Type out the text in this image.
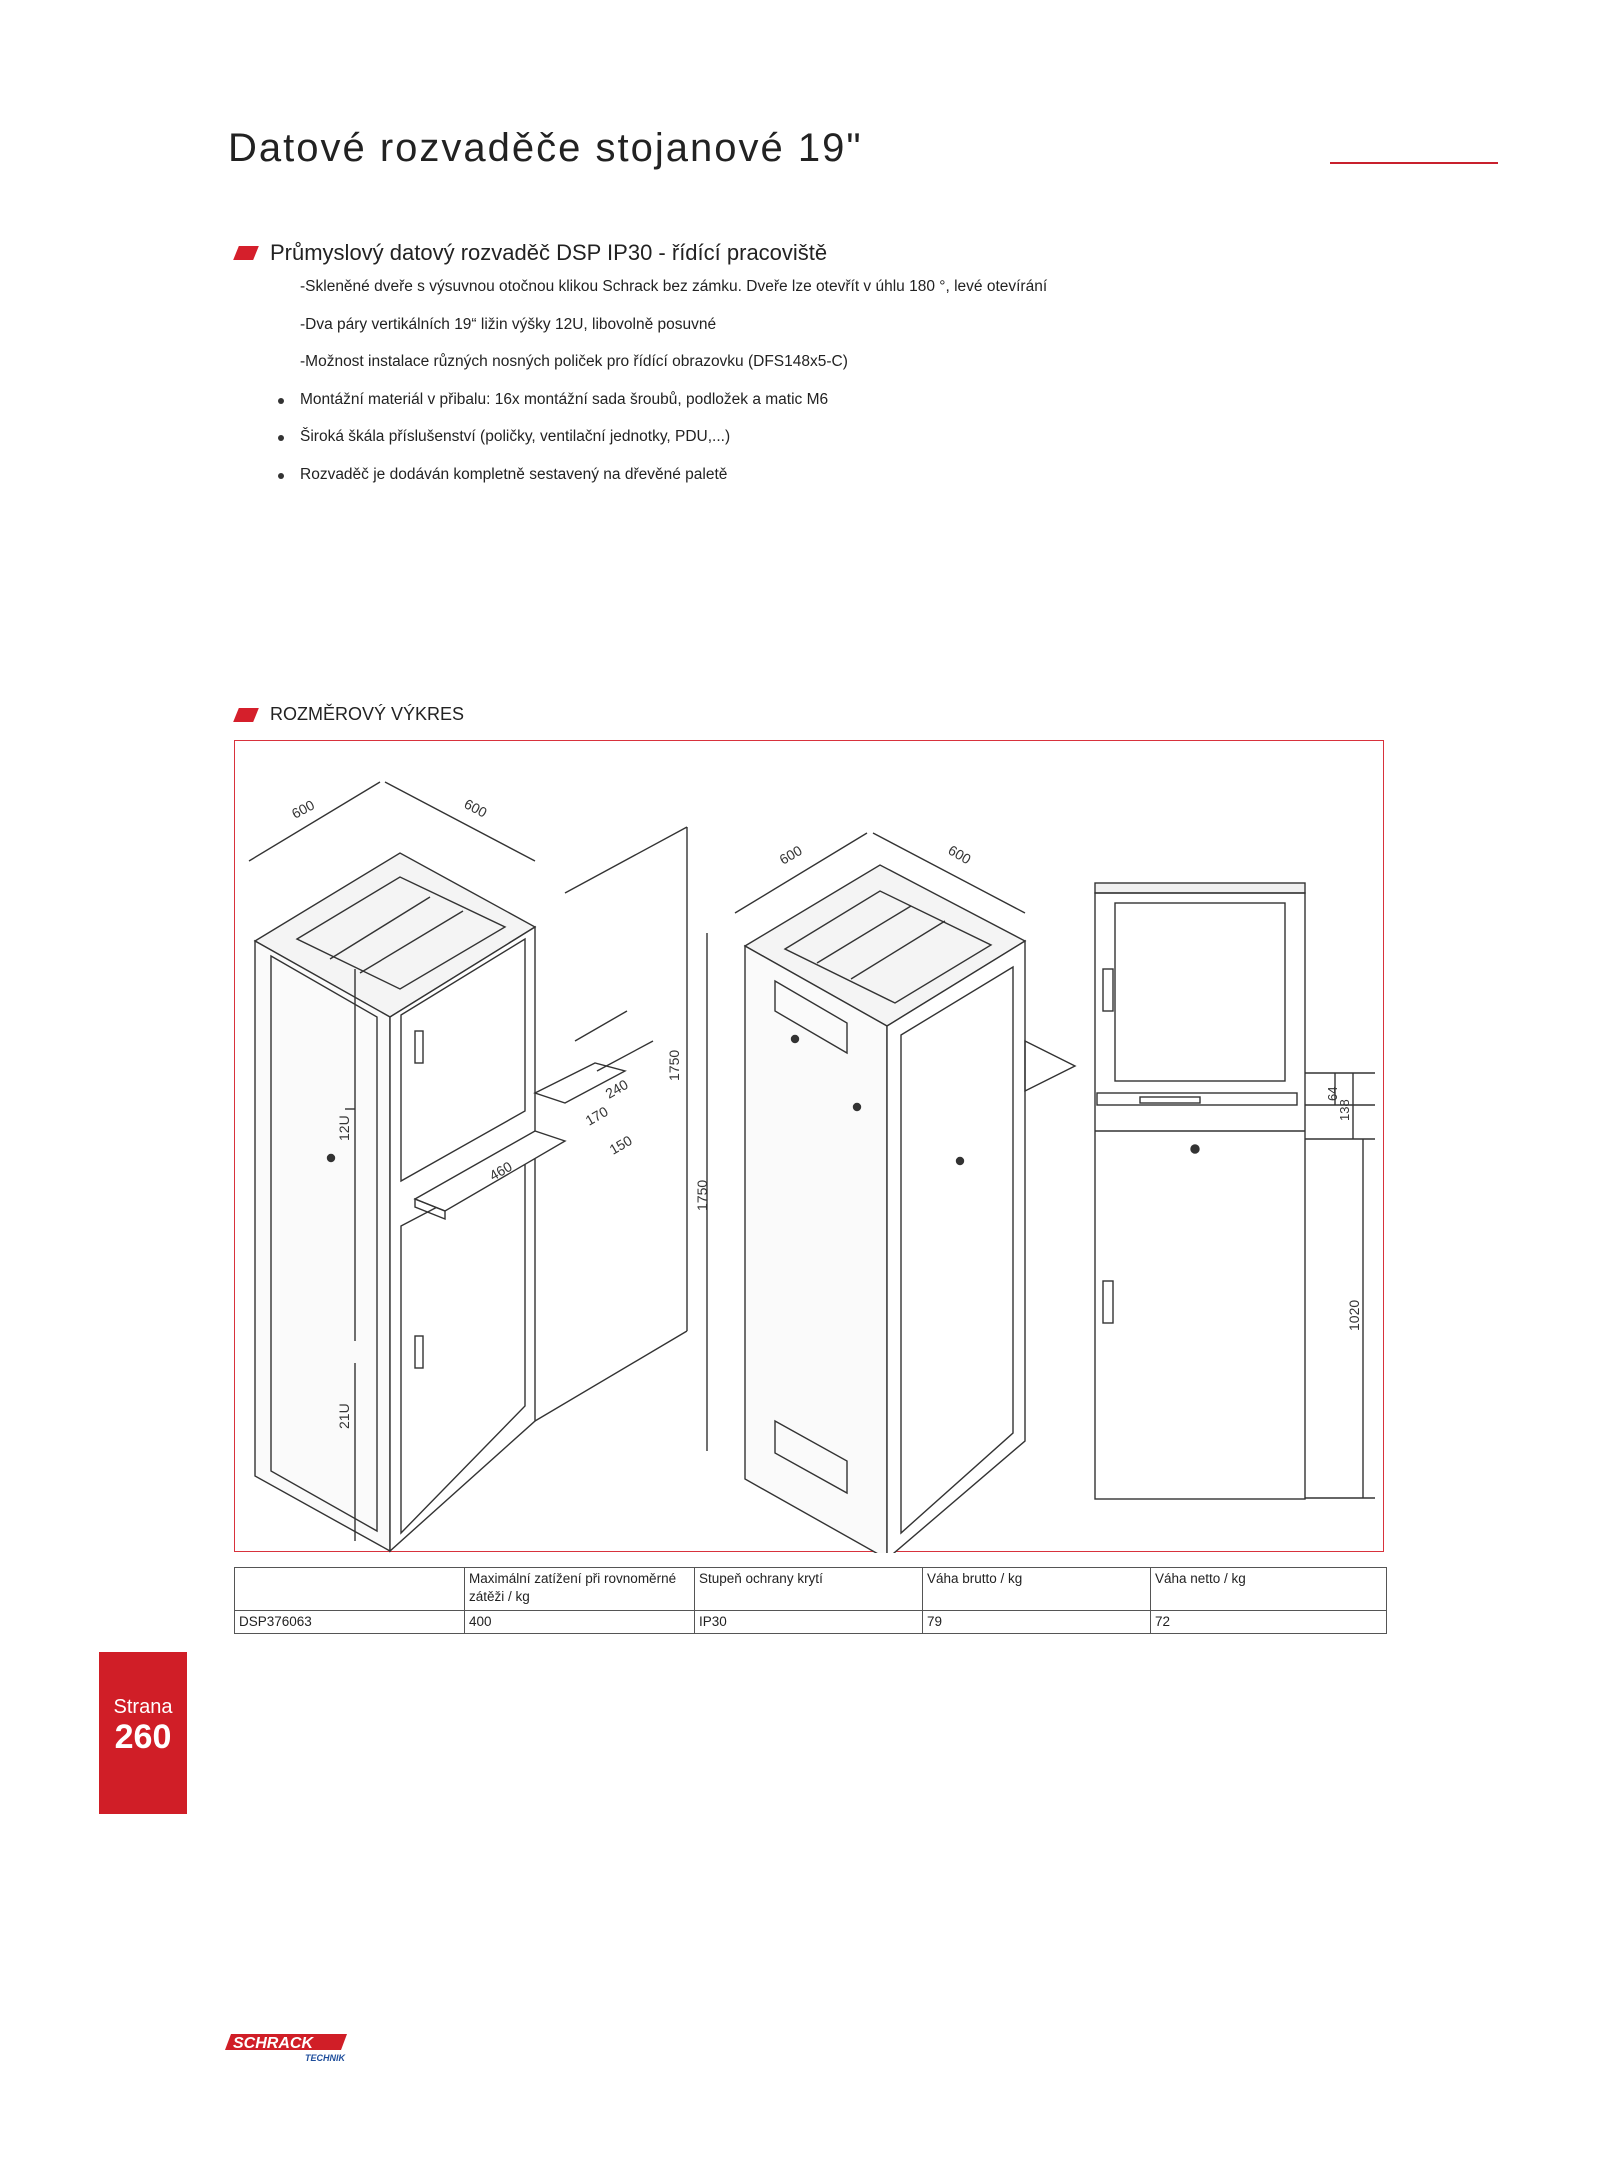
Datové rozvaděče stojanové 19"
Průmyslový datový rozvaděč DSP IP30 - řídící pracoviště
-Skleněné dveře s výsuvnou otočnou klikou Schrack bez zámku. Dveře lze otevřít v úhlu 180 °, levé otevírání
-Dva páry vertikálních 19“ ližin výšky 12U, libovolně posuvné
-Možnost instalace různých nosných poliček pro řídící obrazovku (DFS148x5-C)
Montážní materiál v přibalu: 16x montážní sada šroubů, podložek a matic M6
Široká škála příslušenství (poličky, ventilační jednotky, PDU,...)
Rozvaděč je dodáván kompletně sestavený na dřevěné paletě
ROZMĚROVÝ VÝKRES
600	600
1750
12U
21U
240
170
150
460
600	600
1750
64
138
1020
	Maximální zatížení při rovnoměrné zátěži / kg	Stupeň ochrany krytí	Váha brutto / kg	Váha netto / kg
DSP376063	400	IP30	79	72
Strana
260
SCHRACK
TECHNIK
